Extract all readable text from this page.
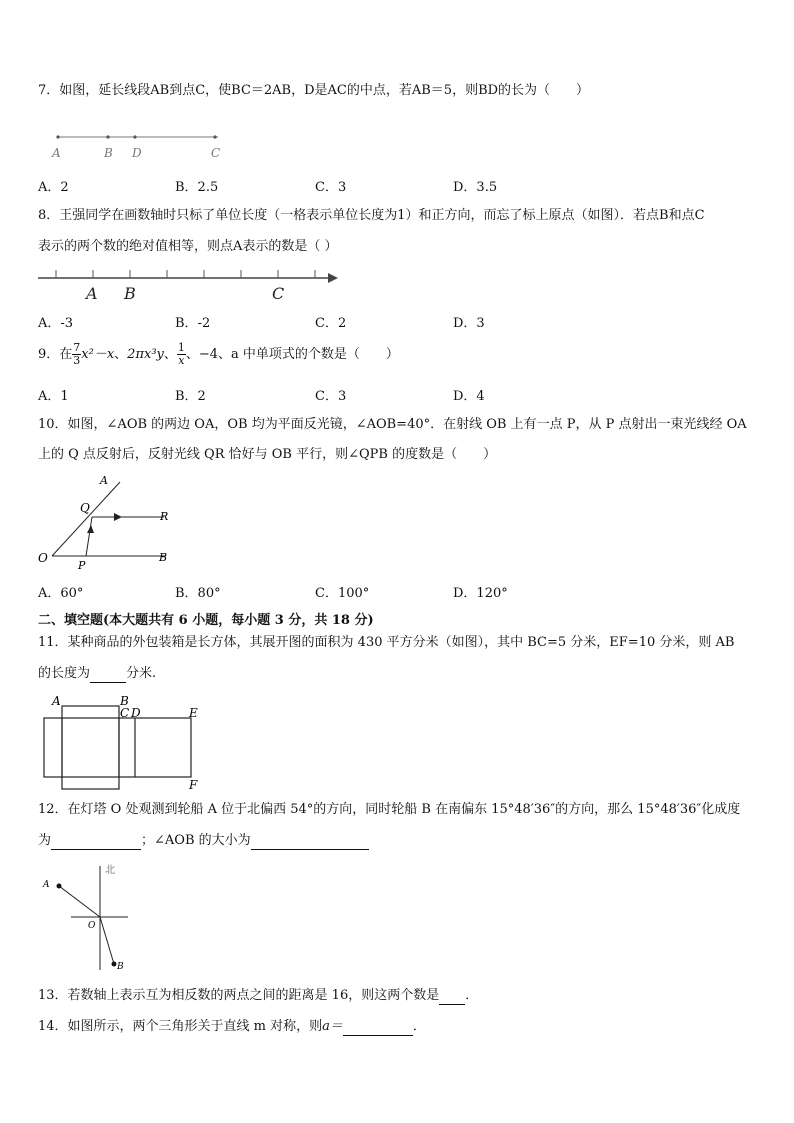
7．如图，延长线段AB到点C，使BC＝2AB，D是AC的中点，若AB＝5，则BD的长为（　　）
A	B D	C
A．2	B．2.5	C．3	D．3.5
8．王强同学在画数轴时只标了单位长度（一格表示单位长度为1）和正方向，而忘了标上原点（如图）．若点B和点C
表示的两个数的绝对值相等，则点A表示的数是（ ）
A B	C
A．-3	B．-2	C．2	D．3
9．在 $\frac{7}{3} x^2-x$、2πx³y、 $\frac{1}{x}$ 、−4、a 中单项式的个数是（　　）
A．1	B．2	C．3	D．4
10．如图，∠AOB 的两边 OA，OB 均为平面反光镜，∠AOB=40°．在射线 OB 上有一点 P，从 P 点射出一束光线经 OA
上的 Q 点反射后，反射光线 QR 恰好与 OB 平行，则∠QPB 的度数是（　　）
A
Q
R
O
P
B
A．60°	B．80°	C．100°	D．120°
二、填空题(本大题共有 6 小题，每小题 3 分，共 18 分)
11．某种商品的外包装箱是长方体，其展开图的面积为 430 平方分米（如图），其中 BC=5 分米，EF=10 分米，则 AB
的长度为	分米.
A	B
C D	E
F
12．在灯塔 O 处观测到轮船 A 位于北偏西 54°的方向，同时轮船 B 在南偏东 15°48′36″的方向，那么 15°48′36″化成度
为	；∠AOB 的大小为
北
A
O
B
13．若数轴上表示互为相反数的两点之间的距离是 16，则这两个数是 ．
14．如图所示，两个三角形关于直线 m 对称，则a＝	．
